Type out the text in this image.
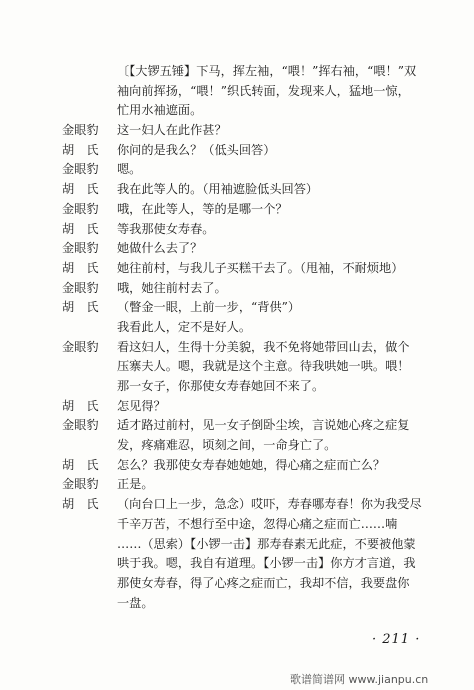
〔【大锣五锤】下马，挥左袖，“喂！”挥右袖，“喂！”双
袖向前挥扬，“喂！”织氏转面，发现来人，猛地一惊，
忙用水袖遮面。
金眼豹	这一妇人在此作甚？
胡　氏	你问的是我么？（低头回答）
金眼豹	嗯。
胡　氏	我在此等人的。（用袖遮脸低头回答）
金眼豹	哦，在此等人，等的是哪一个？
胡　氏	等我那使女寿春。
金眼豹	她做什么去了？
胡　氏	她往前村，与我儿子买糕干去了。（甩袖，不耐烦地）
金眼豹	哦，她往前村去了。
胡　氏	（瞥金一眼，上前一步，“背供”）
我看此人，定不是好人。
金眼豹	看这妇人，生得十分美貌，我不免将她带回山去，做个
压寨夫人。嗯，我就是这个主意。待我哄她一哄。喂！
那一女子，你那使女寿春她回不来了。
胡　氏	怎见得？
金眼豹	适才路过前村，见一女子倒卧尘埃，言说她心疼之症复
发，疼痛难忍，顷刻之间，一命身亡了。
胡　氏	怎么？我那使女寿春她她她，得心痛之症而亡么？
金眼豹	正是。
胡　氏	（向台口上一步，急念）哎吓，寿春哪寿春！你为我受尽
千辛万苦，不想行至中途，忽得心痛之症而亡……喃
……（思索）【小锣一击】那寿春素无此症，不要被他蒙
哄于我。嗯，我自有道理。【小锣一击】你方才言道，我
那使女寿春，得了心疼之症而亡，我却不信，我要盘你
一盘。
· 211 ·
歌谱简谱网 www.jianpu.cn
